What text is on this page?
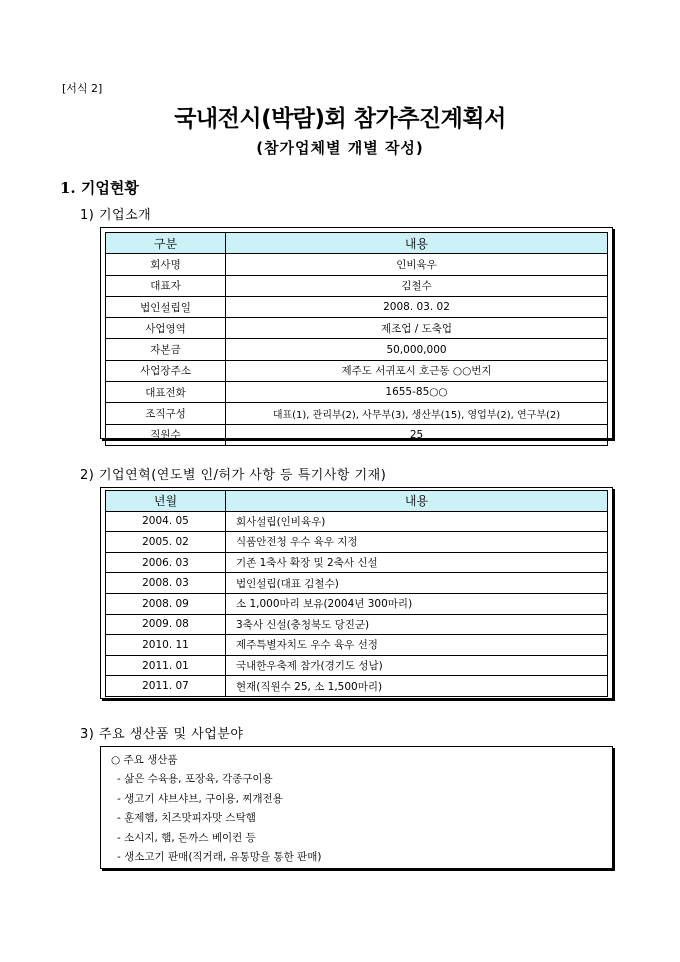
[서식 2]
국내전시(박람)회 참가추진계획서
(참가업체별 개별 작성)
1. 기업현황
1) 기업소개
구분	내용
회사명	인비육우
대표자	김철수
법인설립일	2008. 03. 02
사업영역	제조업 / 도축업
자본금	50,000,000
사업장주소	제주도 서귀포시 호근동 ○○번지
대표전화	1655-85○○
조직구성	대표(1), 관리부(2), 사무부(3), 생산부(15), 영업부(2), 연구부(2)
직원수	25
2) 기업연혁(연도별 인/허가 사항 등 특기사항 기재)
년월	내용
2004. 05	회사설립(인비육우)
2005. 02	식품안전청 우수 육우 지정
2006. 03	기존 1축사 확장 및 2축사 신설
2008. 03	법인설립(대표 김철수)
2008. 09	소 1,000마리 보유(2004년 300마리)
2009. 08	3축사 신설(충청북도 당진군)
2010. 11	제주특별자치도 우수 육우 선정
2011. 01	국내한우축제 참가(경기도 성남)
2011. 07	현재(직원수 25, 소 1,500마리)
3) 주요 생산품 및 사업분야
○ 주요 생산품
- 삶은 수육용, 포장육, 각종구이용
- 생고기 샤브샤브, 구이용, 찌개전용
- 훈제햄, 치즈맛피자맛 스탁햄
- 소시지, 햄, 돈까스 베이컨 등
- 생소고기 판매(직거래, 유통망을 통한 판매)
